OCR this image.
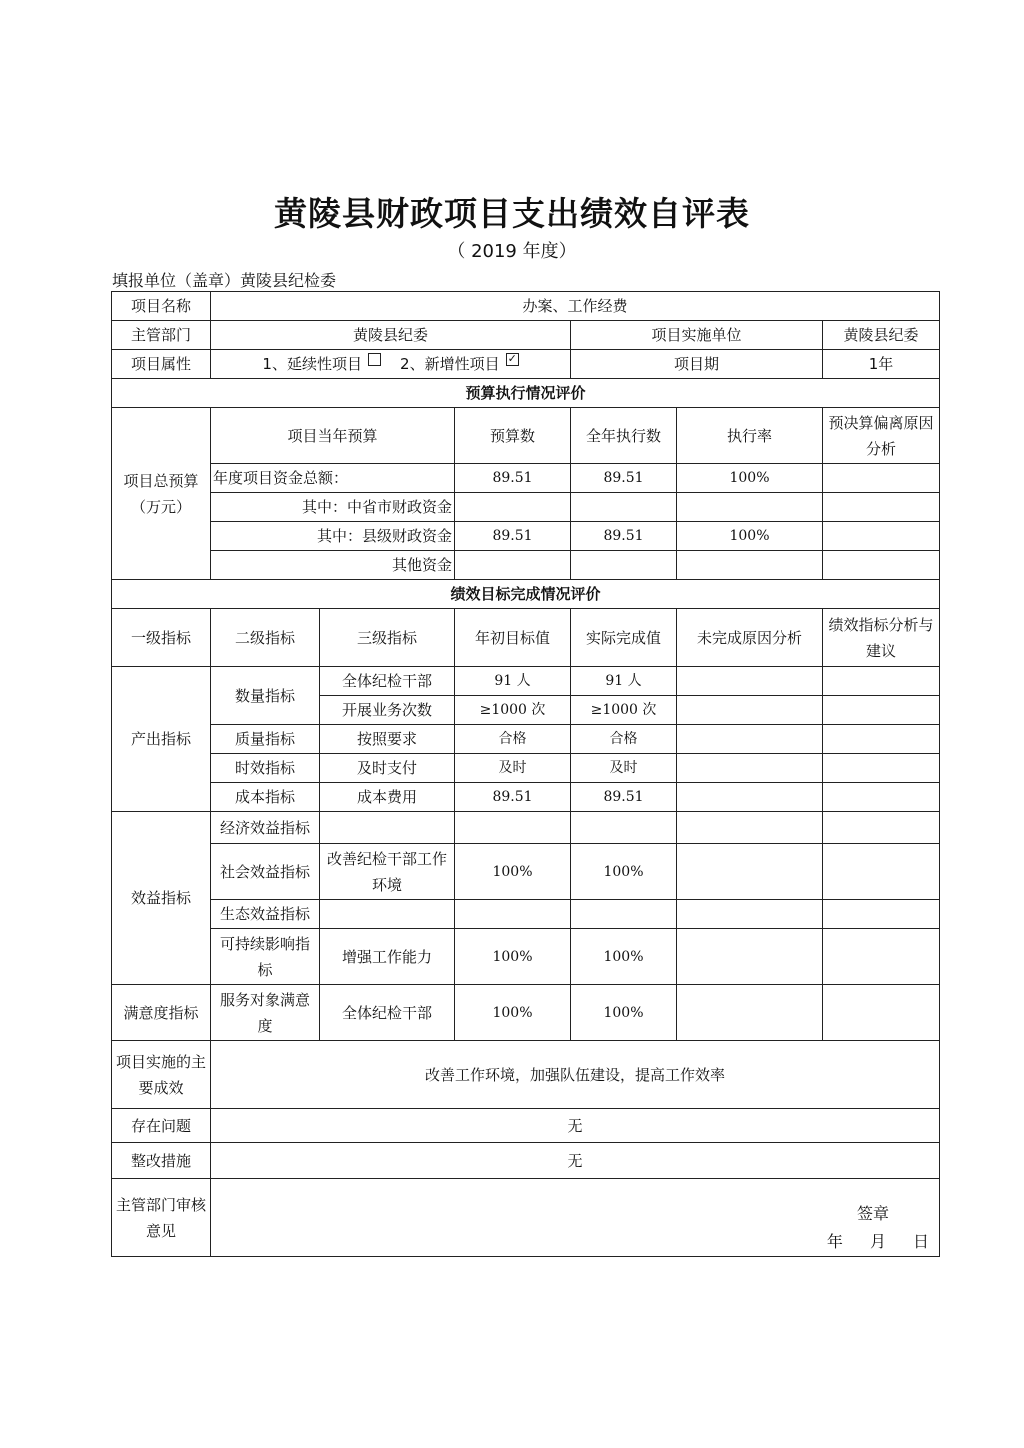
黄陵县财政项目支出绩效自评表
（ 2019 年度）
填报单位（盖章）黄陵县纪检委
项目名称	办案、工作经费					
主管部门	黄陵县纪委			项目实施单位		黄陵县纪委
项目属性	1、延续性项目 2、新增性项目 ✓			项目期		1年
预算执行情况评价						
项目总预算（万元）	项目当年预算		预算数	全年执行数	执行率	预决算偏离原因分析
	年度项目资金总额：		89.51	89.51	100%	
	其中：中省市财政资金					
	其中：县级财政资金		89.51	89.51	100%	
	其他资金					
绩效目标完成情况评价						
一级指标	二级指标	三级指标	年初目标值	实际完成值	未完成原因分析	绩效指标分析与建议
产出指标	数量指标	全体纪检干部	91 人	91 人		
		开展业务次数	≥1000 次	≥1000 次		
	质量指标	按照要求	合格	合格		
	时效指标	及时支付	及时	及时		
	成本指标	成本费用	89.51	89.51		
效益指标	经济效益指标					
	社会效益指标	改善纪检干部工作环境	100%	100%		
	生态效益指标					
	可持续影响指标	增强工作能力	100%	100%		
满意度指标	服务对象满意度	全体纪检干部	100%	100%		
项目实施的主要成效	改善工作环境，加强队伍建设，提高工作效率					
存在问题	无					
整改措施	无					
主管部门审核意见	签章
年 月 日					
